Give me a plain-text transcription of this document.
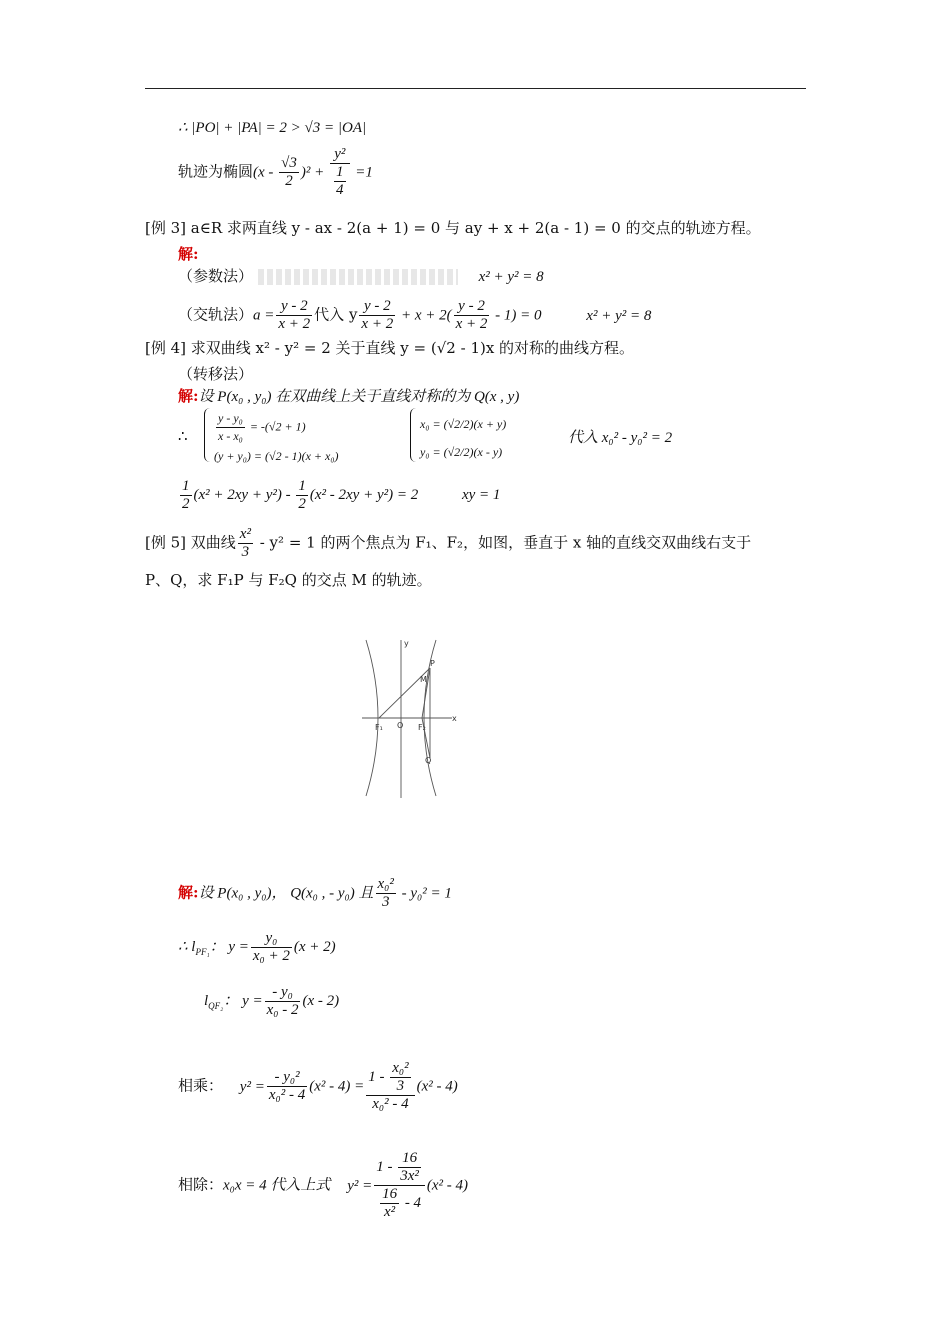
∴ |PO| + |PA| = 2 > √3 = |OA|
轨迹为椭圆$(x - \frac{√3}{2} )^2 + \frac{\text{y²}}{\frac{1}{4}} =1$
[例 3] a∈R 求两直线 y - ax - 2(a + 1) = 0 与 ay + x + 2(a - 1) = 0 的交点的轨迹方程。
解:
（参数法）	x² + y² = 8
（交轨法）$a = \frac{y - 2}{x + 2}$ 代入 y $\frac{y - 2}{x + 2} + x + 2( \frac{y - 2}{x + 2} - 1) = 0$	x² + y² = 8
[例 4] 求双曲线 x² - y² = 2 关于直线 y = (√2 - 1)x 的对称的曲线方程。
（转移法）
解:设 P(x₀ , y₀) 在双曲线上关于直线对称的为 Q(x , y)
∴ $\frac{\text{y - y₀}}{\text{x - x₀}} = -(√2 + 1)$
(y + y₀) = (√2 - 1)(x + x₀)
x₀ = (√2/2)(x + y)
y₀ = (√2/2)(x - y)
代入 x₀² - y₀² = 2
$\frac{1}{2} (x^2 + 2xy + y^2) - \frac{1}{2} (x^2 - 2xy + y^2) = 2$	xy = 1
[例 5] 双曲线 $\frac{\text{x²}}{3} - y^2 = 1$ 的两个焦点为 F₁、F₂，如图，垂直于 x 轴的直线交双曲线右支于
P、Q，求 F₁P 与 F₂Q 的交点 M 的轨迹。
y
x
P
M
O
F₁	F₂
Q
解:设 P(x₀ , y₀)， Q(x₀ , - y₀) 且 $\frac{\text{x₀²}}{3} - y_0^2 = 1$
∴ $l_{PF_1}$： $y = \frac{\text{y₀}}{\text{x₀ + 2}} (x + 2)$
$l_{QF_2}$： $y = \frac{\text{- y₀}}{\text{x₀ - 2}} (x - 2)$
相乘： $y^2 = \frac{\text{- y₀²}}{\text{x₀² - 4}} (x^2 - 4) = \frac{1 - \frac{\text{x₀²}}{3}}{\text{x₀² - 4}} (x^2 - 4)$
相除：x₀x = 4 代入上式 $y^2 = \frac{1 - \frac{16}{\text{3x²}}}{\frac{16}{\text{x²}} - 4} (x^2 - 4)$
